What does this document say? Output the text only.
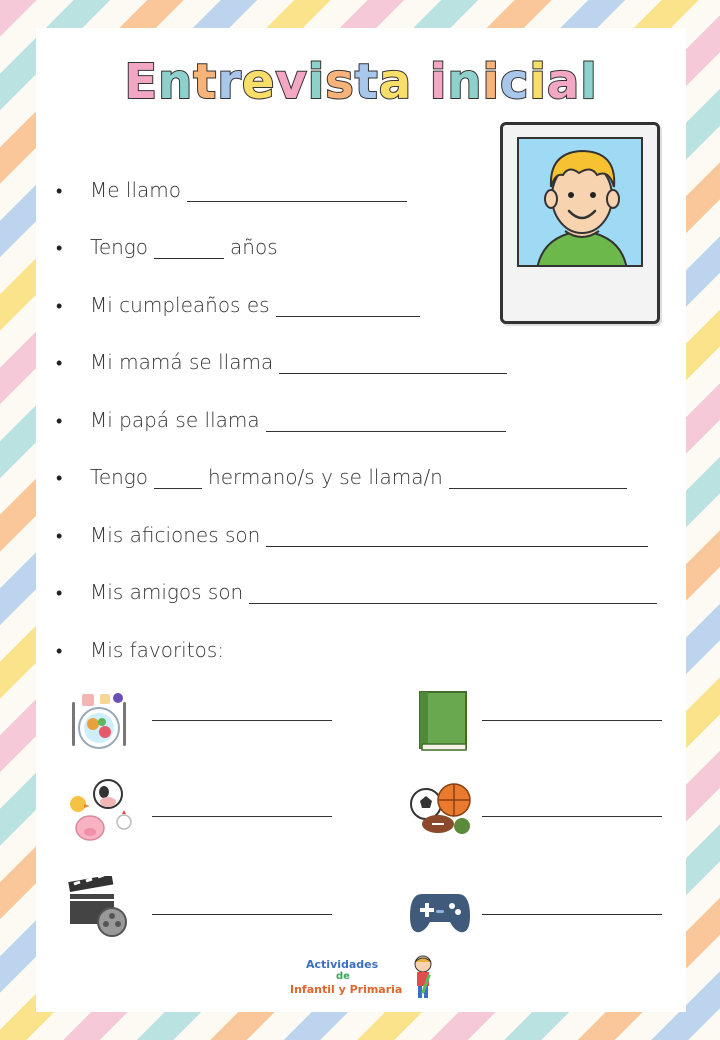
Entrevista inicial
•	Me llamo
•	Tengo	años
•	Mi cumpleaños es
•	Mi mamá se llama
•	Mi papá se llama
•	Tengo	hermano/s y se llama/n
•	Mis aficiones son
•	Mis amigos son
•	Mis favoritos:
Actividades
de
Infantil y Primaria
